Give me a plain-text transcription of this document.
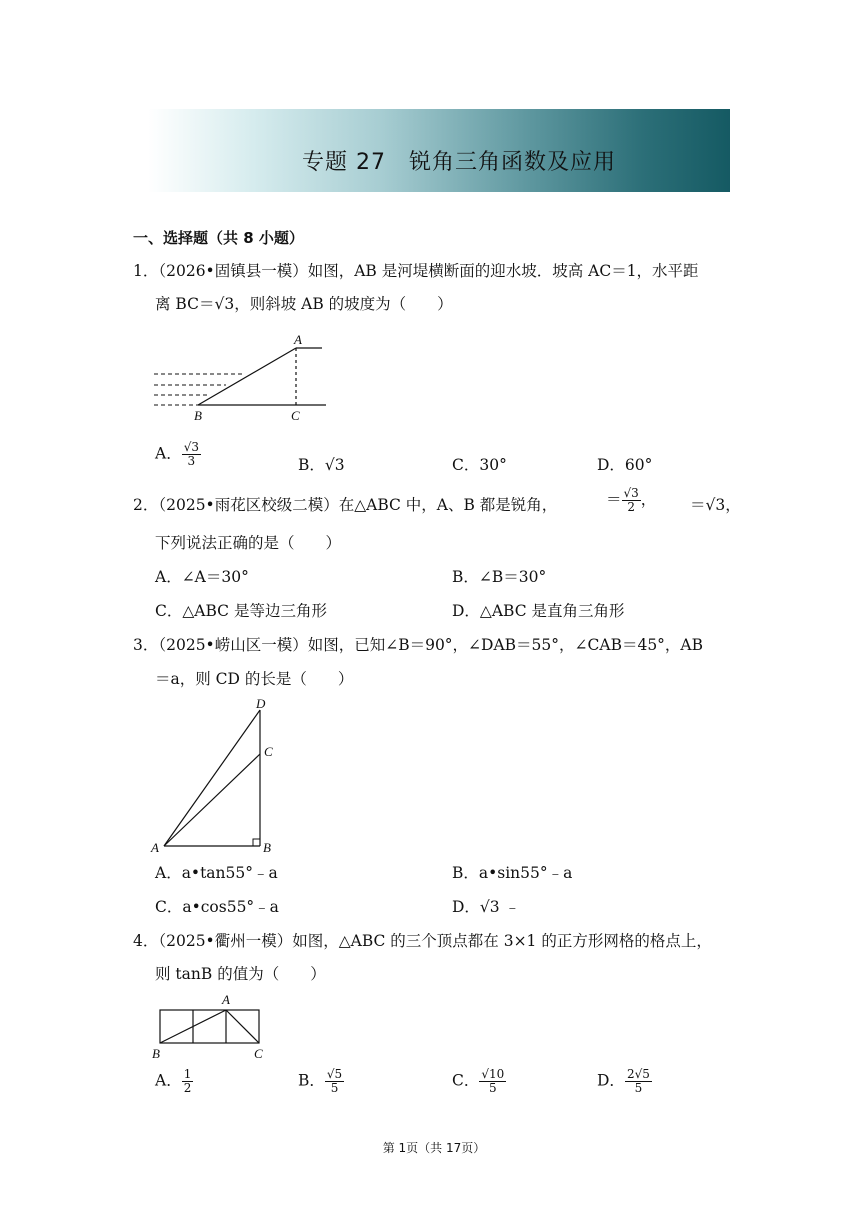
专题 27　锐角三角函数及应用
一、选择题（共 8 小题）
1．（2026•固镇县一模）如图，AB 是河堤横断面的迎水坡．坡高 AC＝1，水平距
离 BC＝√3，则斜坡 AB 的坡度为（　　）
A
B	C
A． $\frac{√3}{3}$	B．√3	C．30°	D．60°
2．（2025•雨花区校级二模）在△ABC 中，A、B 都是锐角，	＝ $\frac{√3}{2}$ ， ＝√3，
下列说法正确的是（　　）
A．∠A＝30°	B．∠B＝30°
C．△ABC 是等边三角形	D．△ABC 是直角三角形
3．（2025•崂山区一模）如图，已知∠B＝90°，∠DAB＝55°，∠CAB＝45°，AB
＝a，则 CD 的长是（　　）
D
C
A	B
A．a•tan55°﹣a	B．a•sin55°﹣a
C．a•cos55°﹣a	D．√3 ﹣
4．（2025•衢州一模）如图，△ABC 的三个顶点都在 3×1 的正方形网格的格点上，
则 tanB 的值为（　　）
A
B	C
A． $\frac{1}{2}$	B． $\frac{√5}{5}$	C． $\frac{√10}{5}$	D． $\frac{2√5}{5}$
第 1页（共 17页）
